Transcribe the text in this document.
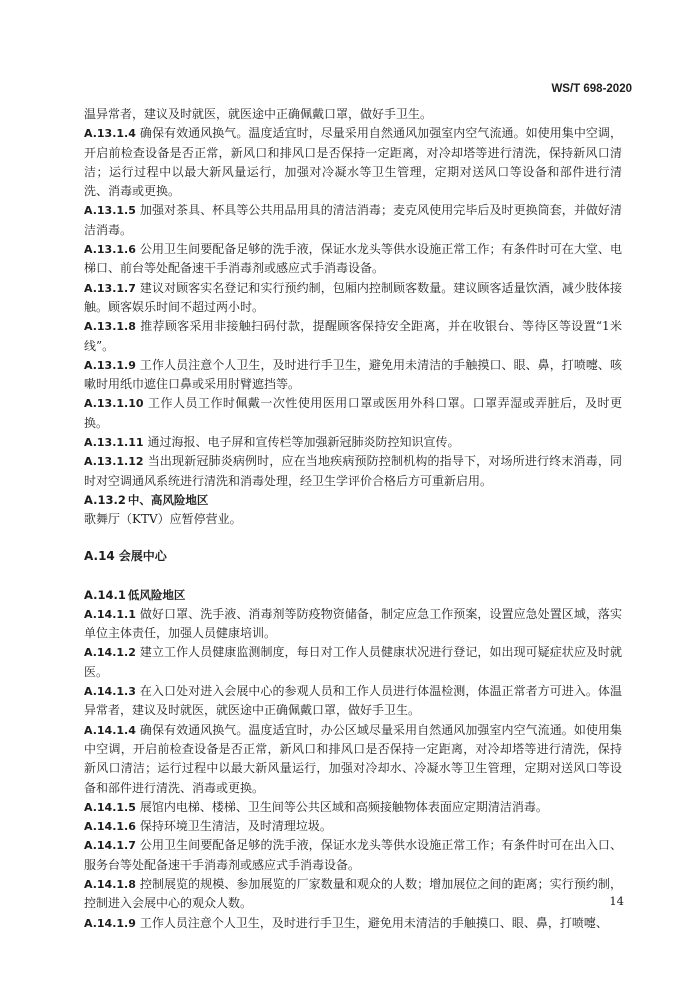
WS/T 698-2020

温异常者，建议及时就医，就医途中正确佩戴口罩，做好手卫生。

A.13.1.4 确保有效通风换气。温度适宜时，尽量采用自然通风加强室内空气流通。如使用集中空调，开启前检查设备是否正常，新风口和排风口是否保持一定距离，对冷却塔等进行清洗，保持新风口清洁；运行过程中以最大新风量运行，加强对冷凝水等卫生管理，定期对送风口等设备和部件进行清洗、消毒或更换。

A.13.1.5 加强对茶具、杯具等公共用品用具的清洁消毒；麦克风使用完毕后及时更换筒套，并做好清洁消毒。

A.13.1.6 公用卫生间要配备足够的洗手液，保证水龙头等供水设施正常工作；有条件时可在大堂、电梯口、前台等处配备速干手消毒剂或感应式手消毒设备。

A.13.1.7 建议对顾客实名登记和实行预约制，包厢内控制顾客数量。建议顾客适量饮酒，减少肢体接触。顾客娱乐时间不超过两小时。

A.13.1.8 推荐顾客采用非接触扫码付款，提醒顾客保持安全距离，并在收银台、等待区等设置“1米线”。

A.13.1.9 工作人员注意个人卫生，及时进行手卫生，避免用未清洁的手触摸口、眼、鼻，打喷嚏、咳嗽时用纸巾遮住口鼻或采用肘臂遮挡等。

A.13.1.10 工作人员工作时佩戴一次性使用医用口罩或医用外科口罩。口罩弄湿或弄脏后，及时更换。

A.13.1.11 通过海报、电子屏和宣传栏等加强新冠肺炎防控知识宣传。

A.13.1.12 当出现新冠肺炎病例时，应在当地疾病预防控制机构的指导下，对场所进行终末消毒，同时对空调通风系统进行清洗和消毒处理，经卫生学评价合格后方可重新启用。

A.13.2 中、高风险地区

歌舞厅（KTV）应暂停营业。

A.14 会展中心

A.14.1 低风险地区

A.14.1.1 做好口罩、洗手液、消毒剂等防疫物资储备，制定应急工作预案，设置应急处置区域，落实单位主体责任，加强人员健康培训。

A.14.1.2 建立工作人员健康监测制度，每日对工作人员健康状况进行登记，如出现可疑症状应及时就医。

A.14.1.3 在入口处对进入会展中心的参观人员和工作人员进行体温检测，体温正常者方可进入。体温异常者，建议及时就医，就医途中正确佩戴口罩，做好手卫生。

A.14.1.4 确保有效通风换气。温度适宜时，办公区域尽量采用自然通风加强室内空气流通。如使用集中空调，开启前检查设备是否正常，新风口和排风口是否保持一定距离，对冷却塔等进行清洗，保持新风口清洁；运行过程中以最大新风量运行，加强对冷却水、冷凝水等卫生管理，定期对送风口等设备和部件进行清洗、消毒或更换。

A.14.1.5 展馆内电梯、楼梯、卫生间等公共区域和高频接触物体表面应定期清洁消毒。

A.14.1.6 保持环境卫生清洁，及时清理垃圾。

A.14.1.7 公用卫生间要配备足够的洗手液，保证水龙头等供水设施正常工作；有条件时可在出入口、服务台等处配备速干手消毒剂或感应式手消毒设备。

A.14.1.8 控制展览的规模、参加展览的厂家数量和观众的人数；增加展位之间的距离；实行预约制，控制进入会展中心的观众人数。

A.14.1.9 工作人员注意个人卫生，及时进行手卫生，避免用未清洁的手触摸口、眼、鼻，打喷嚏、

14
